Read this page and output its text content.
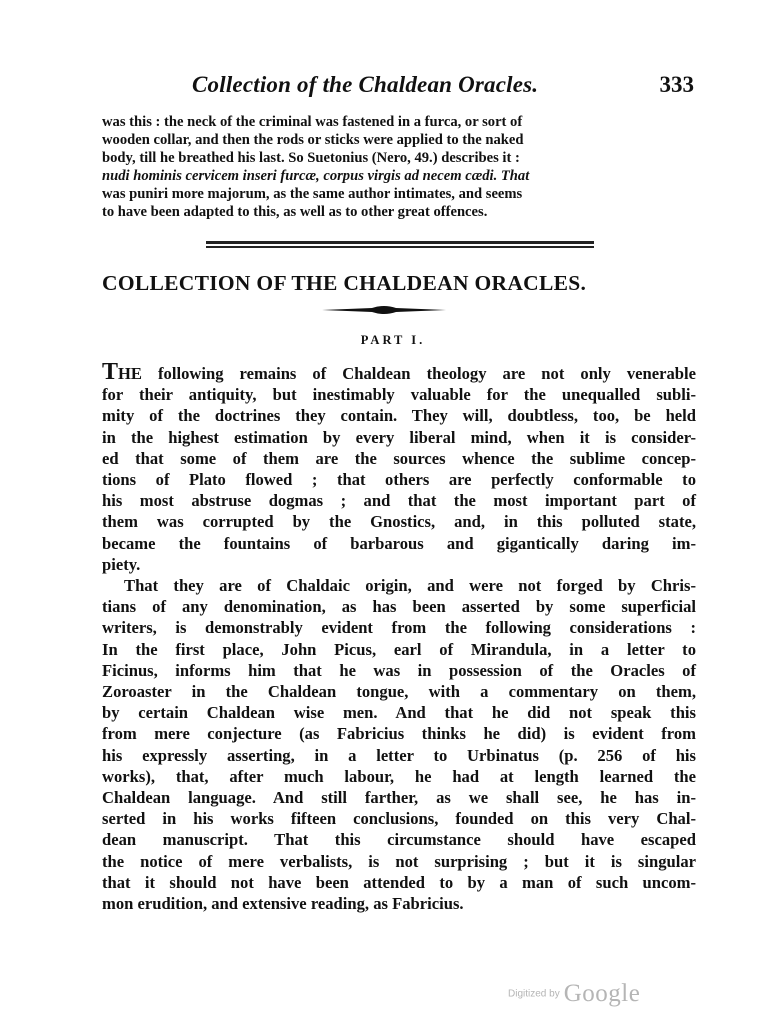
Collection of the Chaldean Oracles.	333
was this : the neck of the criminal was fastened in a furca, or sort of
wooden collar, and then the rods or sticks were applied to the naked
body, till he breathed his last. So Suetonius (Nero, 49.) describes it :
nudi hominis cervicem inseri furcæ, corpus virgis ad necem cædi. That
was puniri more majorum, as the same author intimates, and seems
to have been adapted to this, as well as to other great offences.
COLLECTION OF THE CHALDEAN ORACLES.
PART I.
THE following remains of Chaldean theology are not only venerable
for their antiquity, but inestimably valuable for the unequalled subli-
mity of the doctrines they contain. They will, doubtless, too, be held
in the highest estimation by every liberal mind, when it is consider-
ed that some of them are the sources whence the sublime concep-
tions of Plato flowed ; that others are perfectly conformable to
his most abstruse dogmas ; and that the most important part of
them was corrupted by the Gnostics, and, in this polluted state,
became the fountains of barbarous and gigantically daring im-
piety.
That they are of Chaldaic origin, and were not forged by Chris-
tians of any denomination, as has been asserted by some superficial
writers, is demonstrably evident from the following considerations :
In the first place, John Picus, earl of Mirandula, in a letter to
Ficinus, informs him that he was in possession of the Oracles of
Zoroaster in the Chaldean tongue, with a commentary on them,
by certain Chaldean wise men. And that he did not speak this
from mere conjecture (as Fabricius thinks he did) is evident from
his expressly asserting, in a letter to Urbinatus (p. 256 of his
works), that, after much labour, he had at length learned the
Chaldean language. And still farther, as we shall see, he has in-
serted in his works fifteen conclusions, founded on this very Chal-
dean manuscript. That this circumstance should have escaped
the notice of mere verbalists, is not surprising ; but it is singular
that it should not have been attended to by a man of such uncom-
mon erudition, and extensive reading, as Fabricius.
Digitized by Google
